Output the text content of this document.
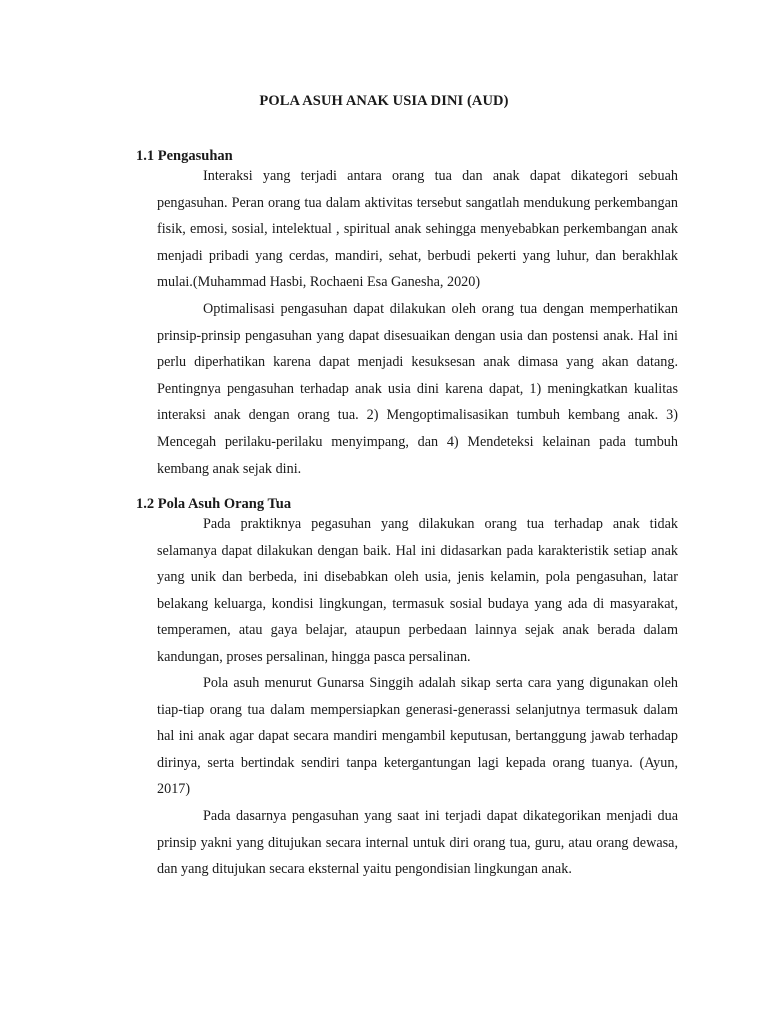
POLA ASUH ANAK USIA DINI (AUD)
1.1 Pengasuhan

Interaksi yang terjadi antara orang tua dan anak dapat dikategori sebuah pengasuhan. Peran orang tua dalam aktivitas tersebut sangatlah mendukung perkembangan fisik, emosi, sosial, intelektual , spiritual anak sehingga menyebabkan perkembangan anak menjadi pribadi yang cerdas, mandiri, sehat, berbudi pekerti yang luhur, dan berakhlak mulai.(Muhammad Hasbi, Rochaeni Esa Ganesha, 2020)

Optimalisasi pengasuhan dapat dilakukan oleh orang tua dengan memperhatikan prinsip-prinsip pengasuhan yang dapat disesuaikan dengan usia dan postensi anak. Hal ini perlu diperhatikan karena dapat menjadi kesuksesan anak dimasa yang akan datang. Pentingnya pengasuhan terhadap anak usia dini karena dapat, 1) meningkatkan kualitas interaksi anak dengan orang tua. 2) Mengoptimalisasikan tumbuh kembang anak. 3) Mencegah perilaku-perilaku menyimpang, dan 4) Mendeteksi kelainan pada tumbuh kembang anak sejak dini.

1.2 Pola Asuh Orang Tua

Pada praktiknya pegasuhan yang dilakukan orang tua terhadap anak tidak selamanya dapat dilakukan dengan baik. Hal ini didasarkan pada karakteristik setiap anak yang unik dan berbeda, ini disebabkan oleh usia, jenis kelamin, pola pengasuhan, latar belakang keluarga, kondisi lingkungan, termasuk sosial budaya yang ada di masyarakat, temperamen, atau gaya belajar, ataupun perbedaan lainnya sejak anak berada dalam kandungan, proses persalinan, hingga pasca persalinan.

Pola asuh menurut Gunarsa Singgih adalah sikap serta cara yang digunakan oleh tiap-tiap orang tua dalam mempersiapkan generasi-generassi selanjutnya termasuk dalam hal ini anak agar dapat secara mandiri mengambil keputusan, bertanggung jawab terhadap dirinya, serta bertindak sendiri tanpa ketergantungan lagi kepada orang tuanya. (Ayun, 2017)

Pada dasarnya pengasuhan yang saat ini terjadi dapat dikategorikan menjadi dua prinsip yakni yang ditujukan secara internal untuk diri orang tua, guru, atau orang dewasa, dan yang ditujukan secara eksternal yaitu pengondisian lingkungan anak.
